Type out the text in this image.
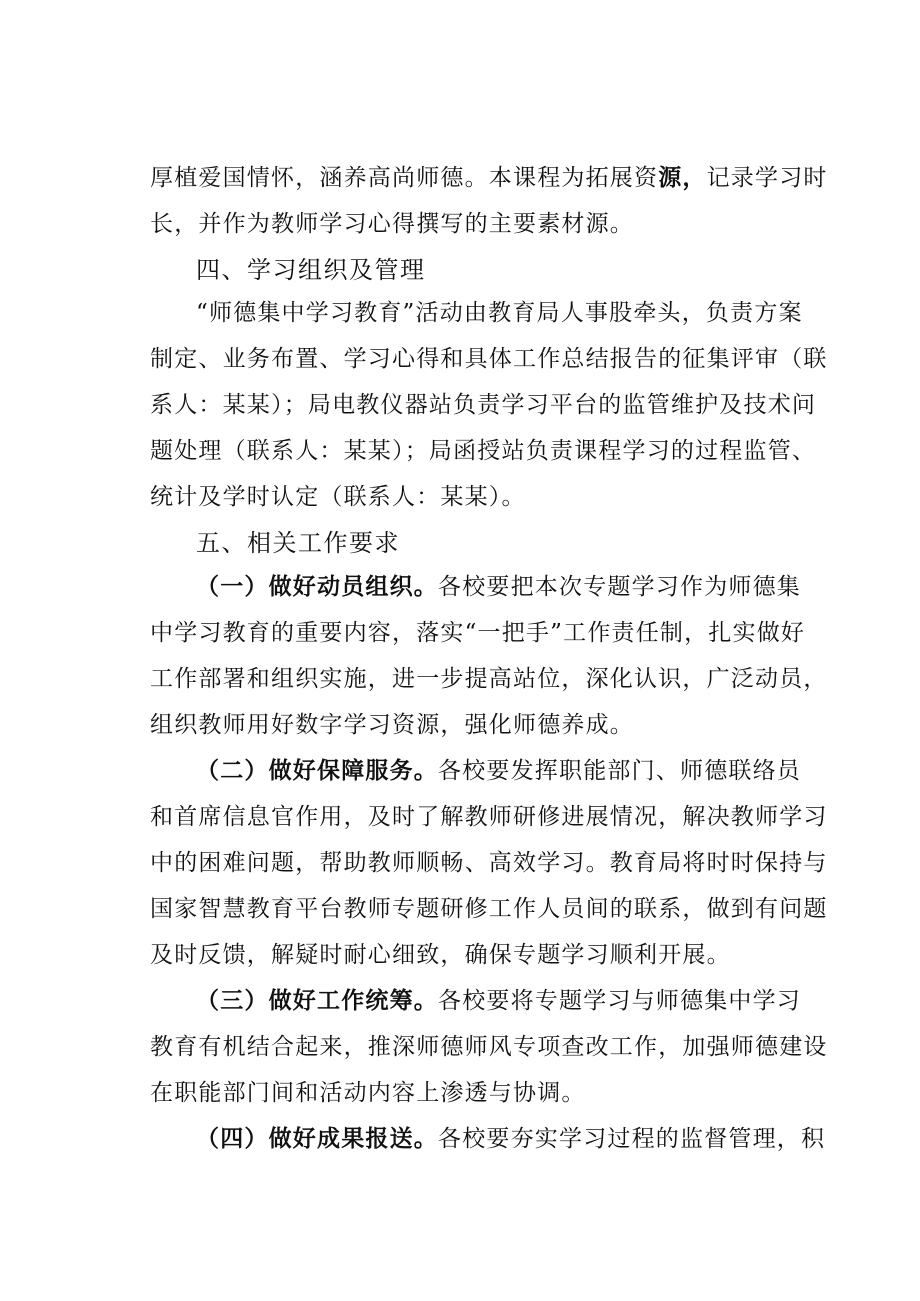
厚植爱国情怀，涵养高尚师德。本课程为拓展资源，记录学习时
长，并作为教师学习心得撰写的主要素材源。
四、学习组织及管理
“师德集中学习教育”活动由教育局人事股牵头，负责方案
制定、业务布置、学习心得和具体工作总结报告的征集评审（联
系人：某某）；局电教仪器站负责学习平台的监管维护及技术问
题处理（联系人：某某）；局函授站负责课程学习的过程监管、
统计及学时认定（联系人：某某）。
五、相关工作要求
（一）做好动员组织。各校要把本次专题学习作为师德集
中学习教育的重要内容，落实“一把手”工作责任制，扎实做好
工作部署和组织实施，进一步提高站位，深化认识，广泛动员，
组织教师用好数字学习资源，强化师德养成。
（二）做好保障服务。各校要发挥职能部门、师德联络员
和首席信息官作用，及时了解教师研修进展情况，解决教师学习
中的困难问题，帮助教师顺畅、高效学习。教育局将时时保持与
国家智慧教育平台教师专题研修工作人员间的联系，做到有问题
及时反馈，解疑时耐心细致，确保专题学习顺利开展。
（三）做好工作统筹。各校要将专题学习与师德集中学习
教育有机结合起来，推深师德师风专项查改工作，加强师德建设
在职能部门间和活动内容上渗透与协调。
（四）做好成果报送。各校要夯实学习过程的监督管理，积
